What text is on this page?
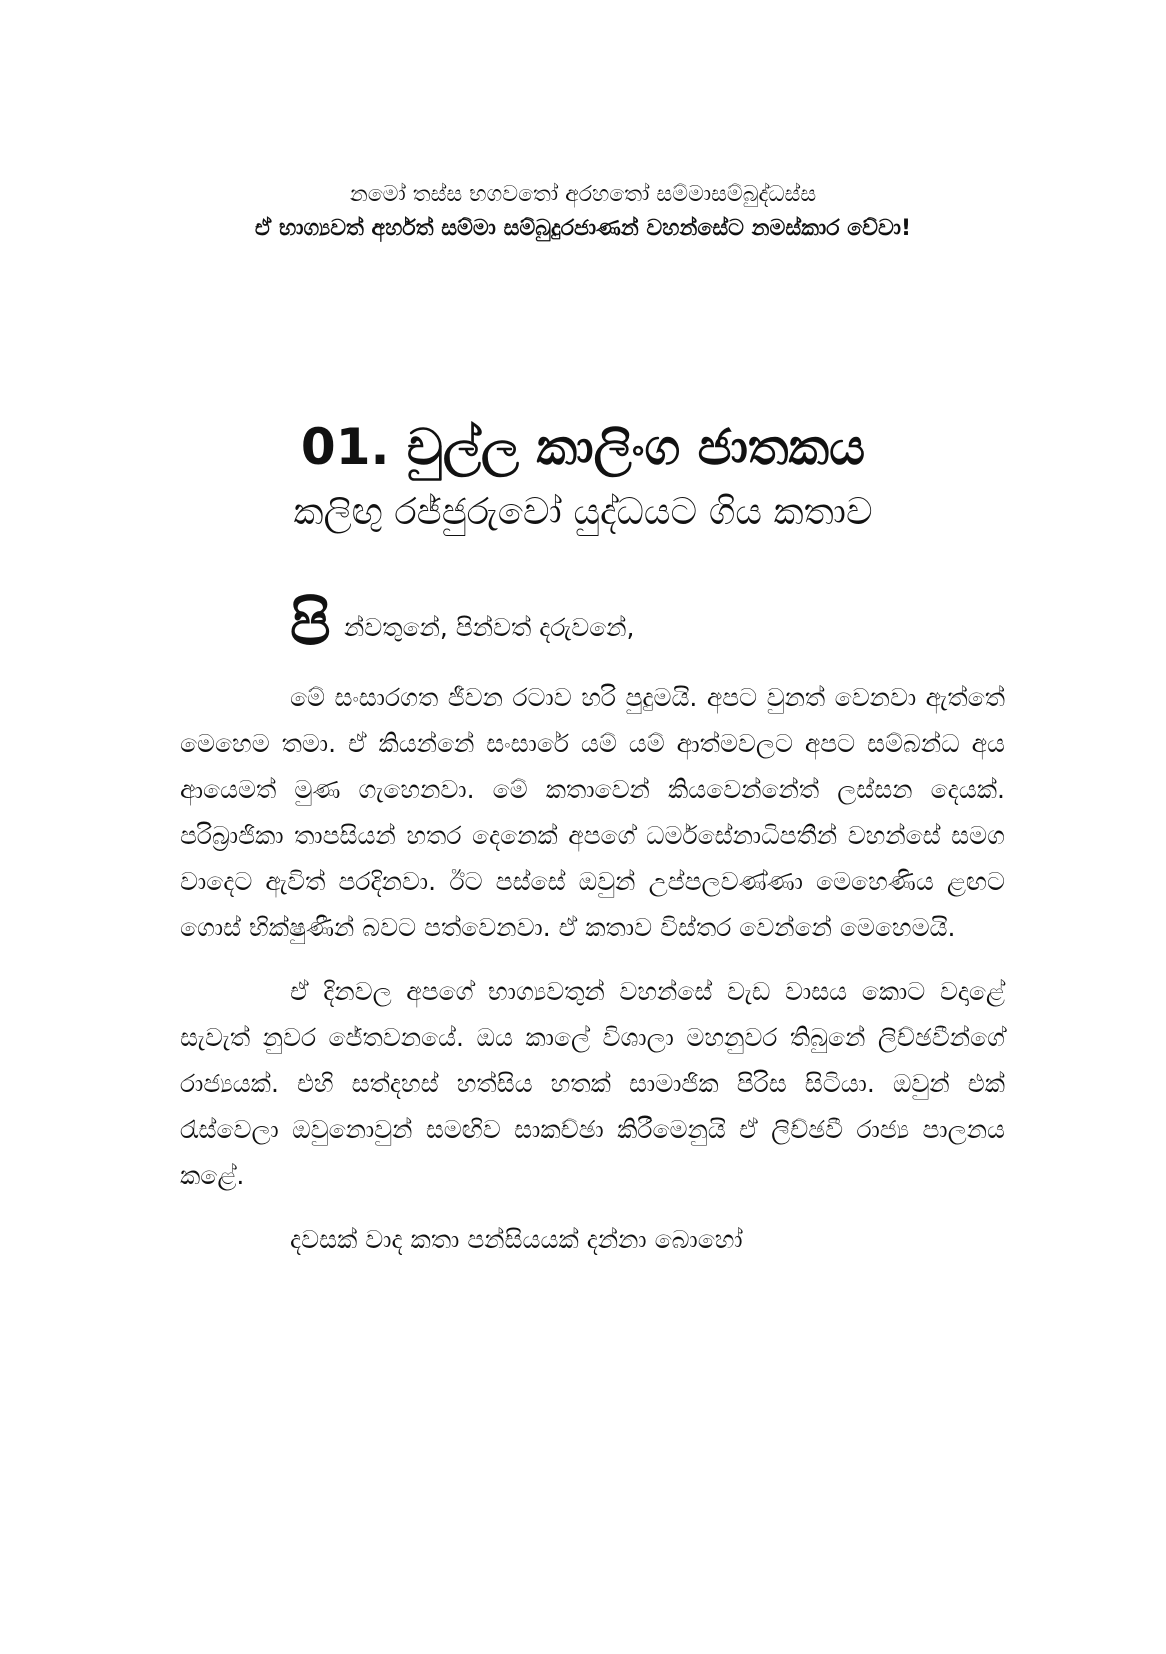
නමෝ තස්ස භගවතෝ අරහතෝ සම්මාසම්බුද්ධස්ස
ඒ භාග්‍යවත් අර්හත් සම්මා සම්බුදුරජාණන් වහන්සේට නමස්කාර වේවා!
01. චුල්ල කාලිංග ජාතකය
කලිඟු රජ්ජුරුවෝ යුද්ධයට ගිය කතාව
පි න්වතුනේ, පින්වත් දරුවනේ,

මේ සංසාරගත ජීවන රටාව හරි පුදුමයි. අපට වුනත් වෙනවා ඇත්තේ මෙහෙම තමා. ඒ කියන්නේ සංසාරේ යම් යම් ආත්මවලට අපට සම්බන්ධ අය ආයෙමත් මුණ ගැහෙනවා. මේ කතාවෙන් කියවෙන්නේත් ලස්සන දෙයක්. පරිබ්‍රාජිකා තාපසියන් හතර දෙනෙක් අපගේ ධර්මසේනාධිපතීන් වහන්සේ සමග වාදෙට ඇවිත් පරදිනවා. ඊට පස්සේ ඔවුන් උප්පලවණ්ණා මෙහෙණිය ළඟට ගොස් භික්ෂුණීන් බවට පත්වෙනවා. ඒ කතාව විස්තර වෙන්නේ මෙහෙමයි.

ඒ දිනවල අපගේ භාග්‍යවතුන් වහන්සේ වැඩ වාසය කොට වදාළේ සැවැත් නුවර ජේතවනයේ. ඔය කාලේ විශාලා මහනුවර තිබුනේ ලිච්ඡවීන්ගේ රාජ්‍යයක්. එහි සත්දහස් හත්සිය හතක් සාමාජික පිරිස සිටියා. ඔවුන් එක් රැස්වෙලා ඔවුනොවුන් සමඟිව සාකච්ඡා කිරීමෙනුයි ඒ ලිච්ඡවී රාජ්‍ය පාලනය කළේ.

දවසක් වාද කතා පන්සියයක් දන්නා බොහෝ
